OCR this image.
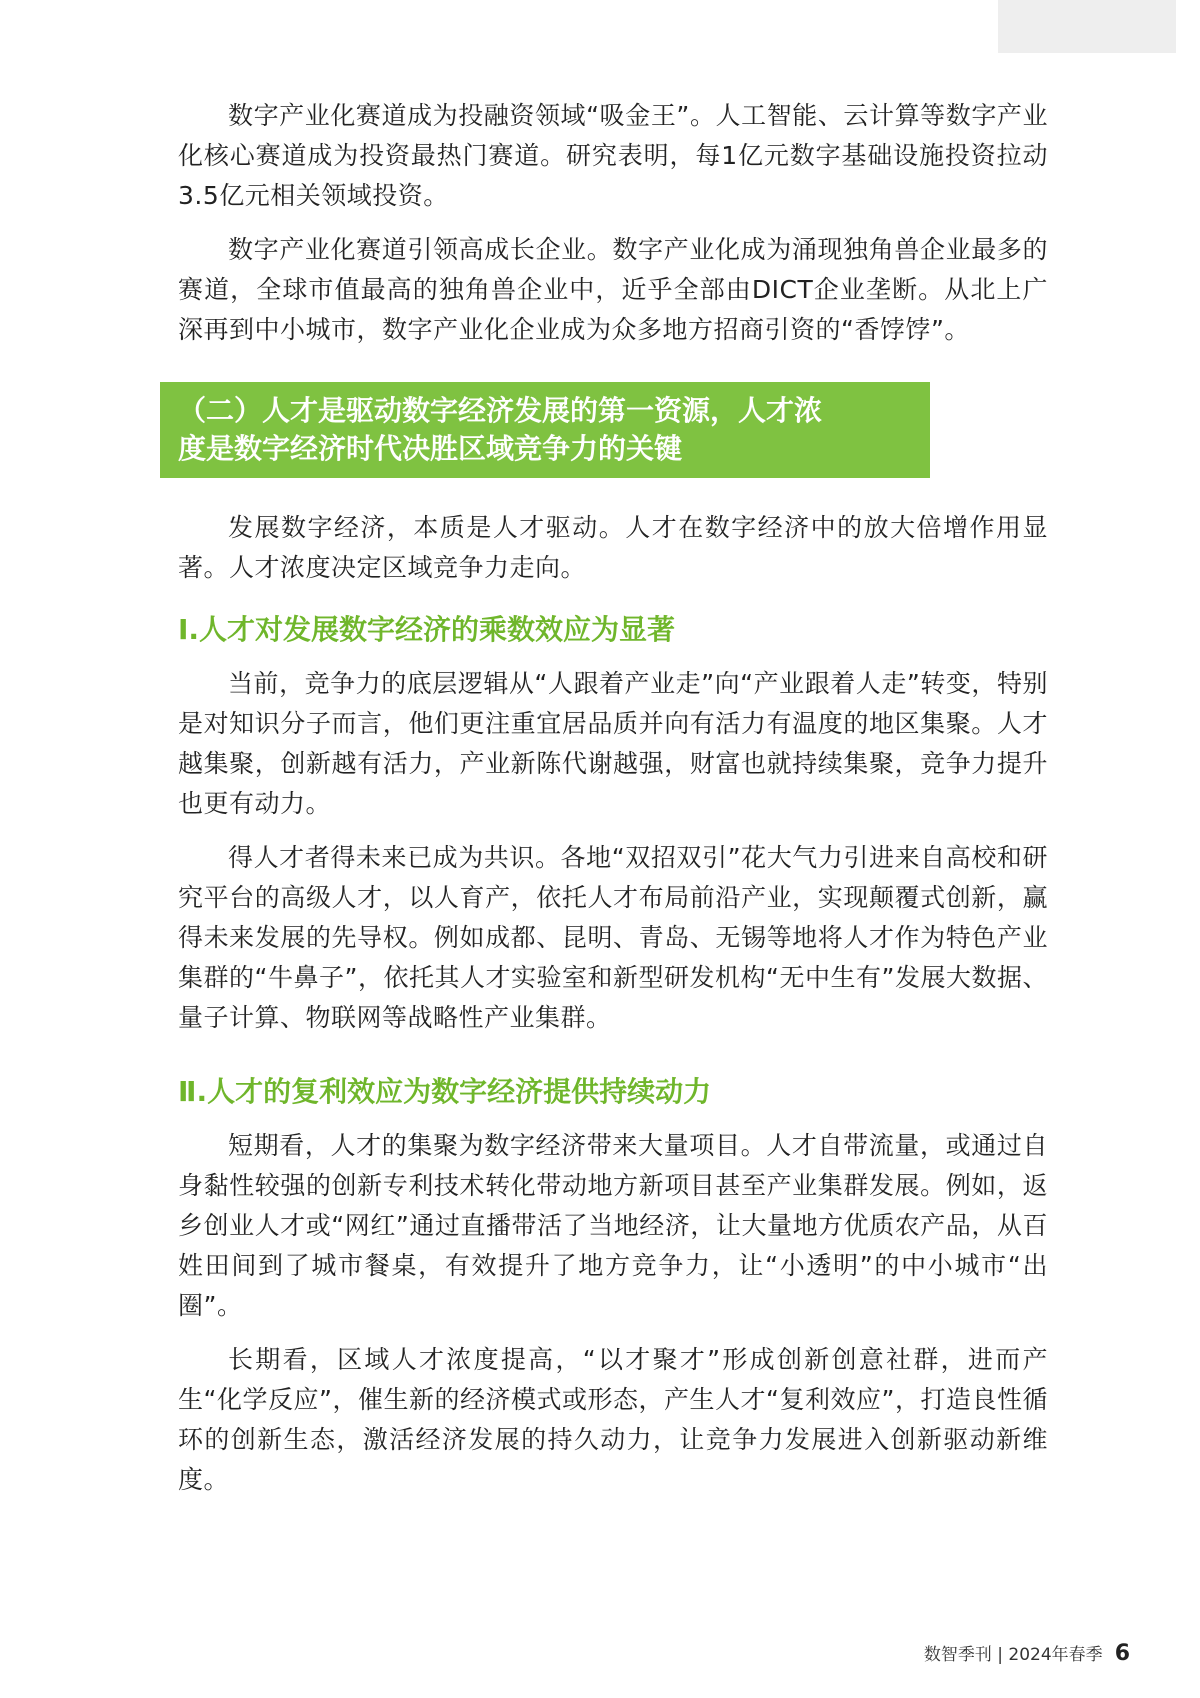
数字产业化赛道成为投融资领域“吸金王”。人工智能、云计算等数字产业化核心赛道成为投资最热门赛道。研究表明，每1亿元数字基础设施投资拉动3.5亿元相关领域投资。

数字产业化赛道引领高成长企业。数字产业化成为涌现独角兽企业最多的赛道，全球市值最高的独角兽企业中，近乎全部由DICT企业垄断。从北上广深再到中小城市，数字产业化企业成为众多地方招商引资的“香饽饽”。

（二）人才是驱动数字经济发展的第一资源，人才浓
度是数字经济时代决胜区域竞争力的关键

发展数字经济，本质是人才驱动。人才在数字经济中的放大倍增作用显著。人才浓度决定区域竞争力走向。

Ⅰ.人才对发展数字经济的乘数效应为显著

当前，竞争力的底层逻辑从“人跟着产业走”向“产业跟着人走”转变，特别是对知识分子而言，他们更注重宜居品质并向有活力有温度的地区集聚。人才越集聚，创新越有活力，产业新陈代谢越强，财富也就持续集聚，竞争力提升也更有动力。

得人才者得未来已成为共识。各地“双招双引”花大气力引进来自高校和研究平台的高级人才，以人育产，依托人才布局前沿产业，实现颠覆式创新，赢得未来发展的先导权。例如成都、昆明、青岛、无锡等地将人才作为特色产业集群的“牛鼻子”，依托其人才实验室和新型研发机构“无中生有”发展大数据、量子计算、物联网等战略性产业集群。

Ⅱ.人才的复利效应为数字经济提供持续动力

短期看，人才的集聚为数字经济带来大量项目。人才自带流量，或通过自身黏性较强的创新专利技术转化带动地方新项目甚至产业集群发展。例如，返乡创业人才或“网红”通过直播带活了当地经济，让大量地方优质农产品，从百姓田间到了城市餐桌，有效提升了地方竞争力，让“小透明”的中小城市“出圈”。

长期看，区域人才浓度提高，“以才聚才”形成创新创意社群，进而产生“化学反应”，催生新的经济模式或形态，产生人才“复利效应”，打造良性循环的创新生态，激活经济发展的持久动力，让竞争力发展进入创新驱动新维度。

数智季刊 | 2024年春季 6
